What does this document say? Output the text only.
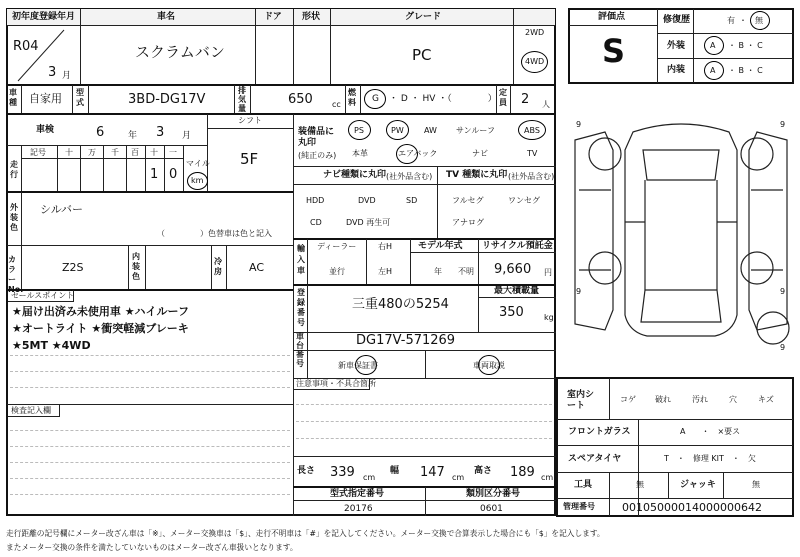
初年度登録年月
R04
3 月
車名
スクラムバン
ドア 形状	グレード
PC
2WD
4WD
車種 自家用 型式	3BD-DG17V
排気量
650 cc
燃料 G ・ D ・ HV ・（　　　　）
定員 2 人
車検	6	年 3 月
シフト
5F
走行
記号 十 万 千 百 十 一
1 0
マイル
km
外装色
シルバー
（	）色替車は色と記入
カラーNo.
Z2S
内装色
冷房 AC
セールスポイント
★届け出済み未使用車 ★ハイルーフ
★オートライト ★衝突軽減ブレーキ
★5MT ★4WD
検査記入欄
装備品に丸印
(純正のみ)
PS	PW	AW サンルーフ	ABS
本革	エアバック	ナビ	TV
ナビ種類に丸印 (社外品含む)
HDD	DVD	SD
CD	DVD 再生可
TV 種類に丸印 (社外品含む)
フルセグ	ワンセグ
アナログ
輸入車
ディーラー
並行
右H
左H
モデル年式
年 不明
リサイクル預託金
9,660 円
登録番号
三重480の5254
最大積載量
350	kg
車台番号
DG17V-571269
新車保証書	車両取説
注意事項・不具合箇所
長さ 339 cm
幅 147 cm
高さ 189 cm
型式指定番号
20176
類別区分番号
0601
評価点
S
修復歴	有 ・ 無
外装	A ・ B ・ C
内装	A ・ B ・ C
9	9
9	9
9
室内シート
コゲ 破れ	汚れ	穴	キズ
フロントガラス	A　　・　×要ス
スペアタイヤ	T　・　修理 KIT　・　欠
工具	無	ジャッキ	無
管理番号 00105000014000000642
走行距離の記号欄にメーター改ざん車は「※」、メーター交換車は「$」、走行不明車は「#」を記入してください。メーター交換で合算表示した場合にも「$」を記入します。
またメーター交換の条件を満たしていないものはメーター改ざん車扱いとなります。
